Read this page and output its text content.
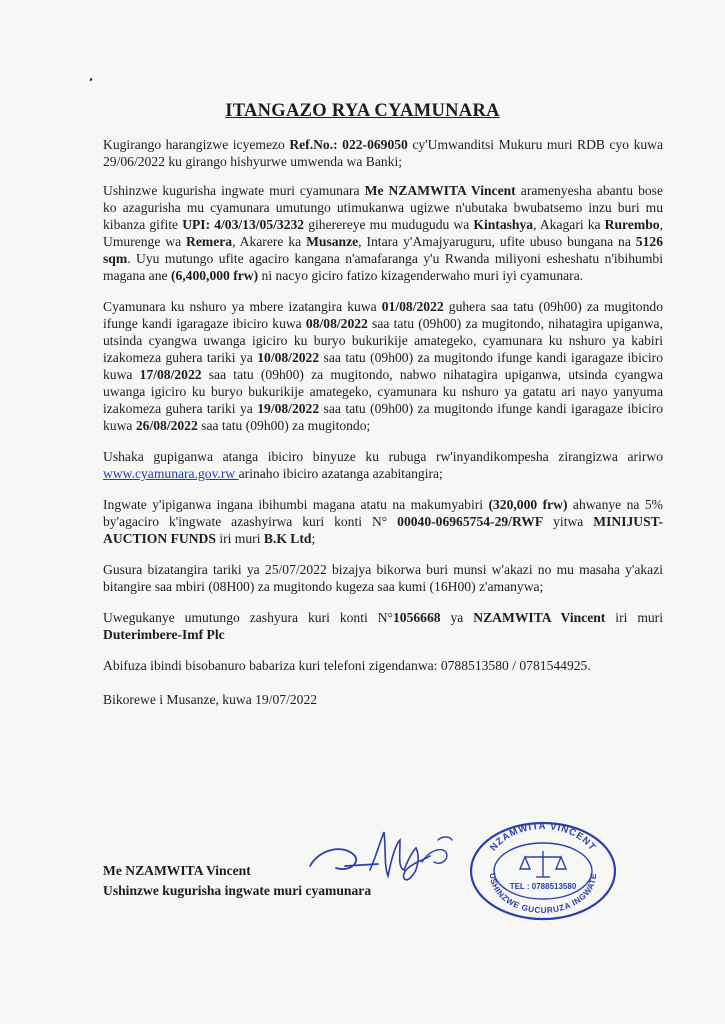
ITANGAZO RYA CYAMUNARA

Kugirango harangizwe icyemezo Ref.No.: 022-069050 cy'Umwanditsi Mukuru muri RDB cyo kuwa 29/06/2022 ku girango hishyurwe umwenda wa Banki;

Ushinzwe kugurisha ingwate muri cyamunara Me NZAMWITA Vincent aramenyesha abantu bose ko azagurisha mu cyamunara umutungo utimukanwa ugizwe n'ubutaka bwubatsemo inzu buri mu kibanza gifite UPI: 4/03/13/05/3232 giherereye mu mudugudu wa Kintashya, Akagari ka Rurembo, Umurenge wa Remera, Akarere ka Musanze, Intara y'Amajyaruguru, ufite ubuso bungana na 5126 sqm. Uyu mutungo ufite agaciro kangana n'amafaranga y'u Rwanda miliyoni esheshatu n'ibihumbi magana ane (6,400,000 frw) ni nacyo giciro fatizo kizagenderwaho muri iyi cyamunara.

Cyamunara ku nshuro ya mbere izatangira kuwa 01/08/2022 guhera saa tatu (09h00) za mugitondo ifunge kandi igaragaze ibiciro kuwa 08/08/2022 saa tatu (09h00) za mugitondo, nihatagira upiganwa, utsinda cyangwa uwanga igiciro ku buryo bukurikije amategeko, cyamunara ku nshuro ya kabiri izakomeza guhera tariki ya 10/08/2022 saa tatu (09h00) za mugitondo ifunge kandi igaragaze ibiciro kuwa 17/08/2022 saa tatu (09h00) za mugitondo, nabwo nihatagira upiganwa, utsinda cyangwa uwanga igiciro ku buryo bukurikije amategeko, cyamunara ku nshuro ya gatatu ari nayo yanyuma izakomeza guhera tariki ya 19/08/2022 saa tatu (09h00) za mugitondo ifunge kandi igaragaze ibiciro kuwa 26/08/2022 saa tatu (09h00) za mugitondo;

Ushaka gupiganwa atanga ibiciro binyuze ku rubuga rw'inyandikompesha zirangizwa arirwo www.cyamunara.gov.rw arinaho ibiciro azatanga azabitangira;

Ingwate y'ipiganwa ingana ibihumbi magana atatu na makumyabiri (320,000 frw) ahwanye na 5% by'agaciro k'ingwate azashyirwa kuri konti N° 00040-06965754-29/RWF yitwa MINIJUST-AUCTION FUNDS iri muri B.K Ltd;

Gusura bizatangira tariki ya 25/07/2022 bizajya bikorwa buri munsi w'akazi no mu masaha y'akazi bitangire saa mbiri (08H00) za mugitondo kugeza saa kumi (16H00) z'amanywa;

Uwegukanye umutungo zashyura kuri konti N°1056668 ya NZAMWITA Vincent iri muri Duterimbere-Imf Plc

Abifuza ibindi bisobanuro babariza kuri telefoni zigendanwa: 0788513580 / 0781544925.

Bikorewe i Musanze, kuwa 19/07/2022

Me NZAMWITA Vincent
Ushinzwe kugurisha ingwate muri cyamunara
NZAMWITA VINCENT
USHINZWE GUCURUZA INGWATE
TEL : 0788513580
